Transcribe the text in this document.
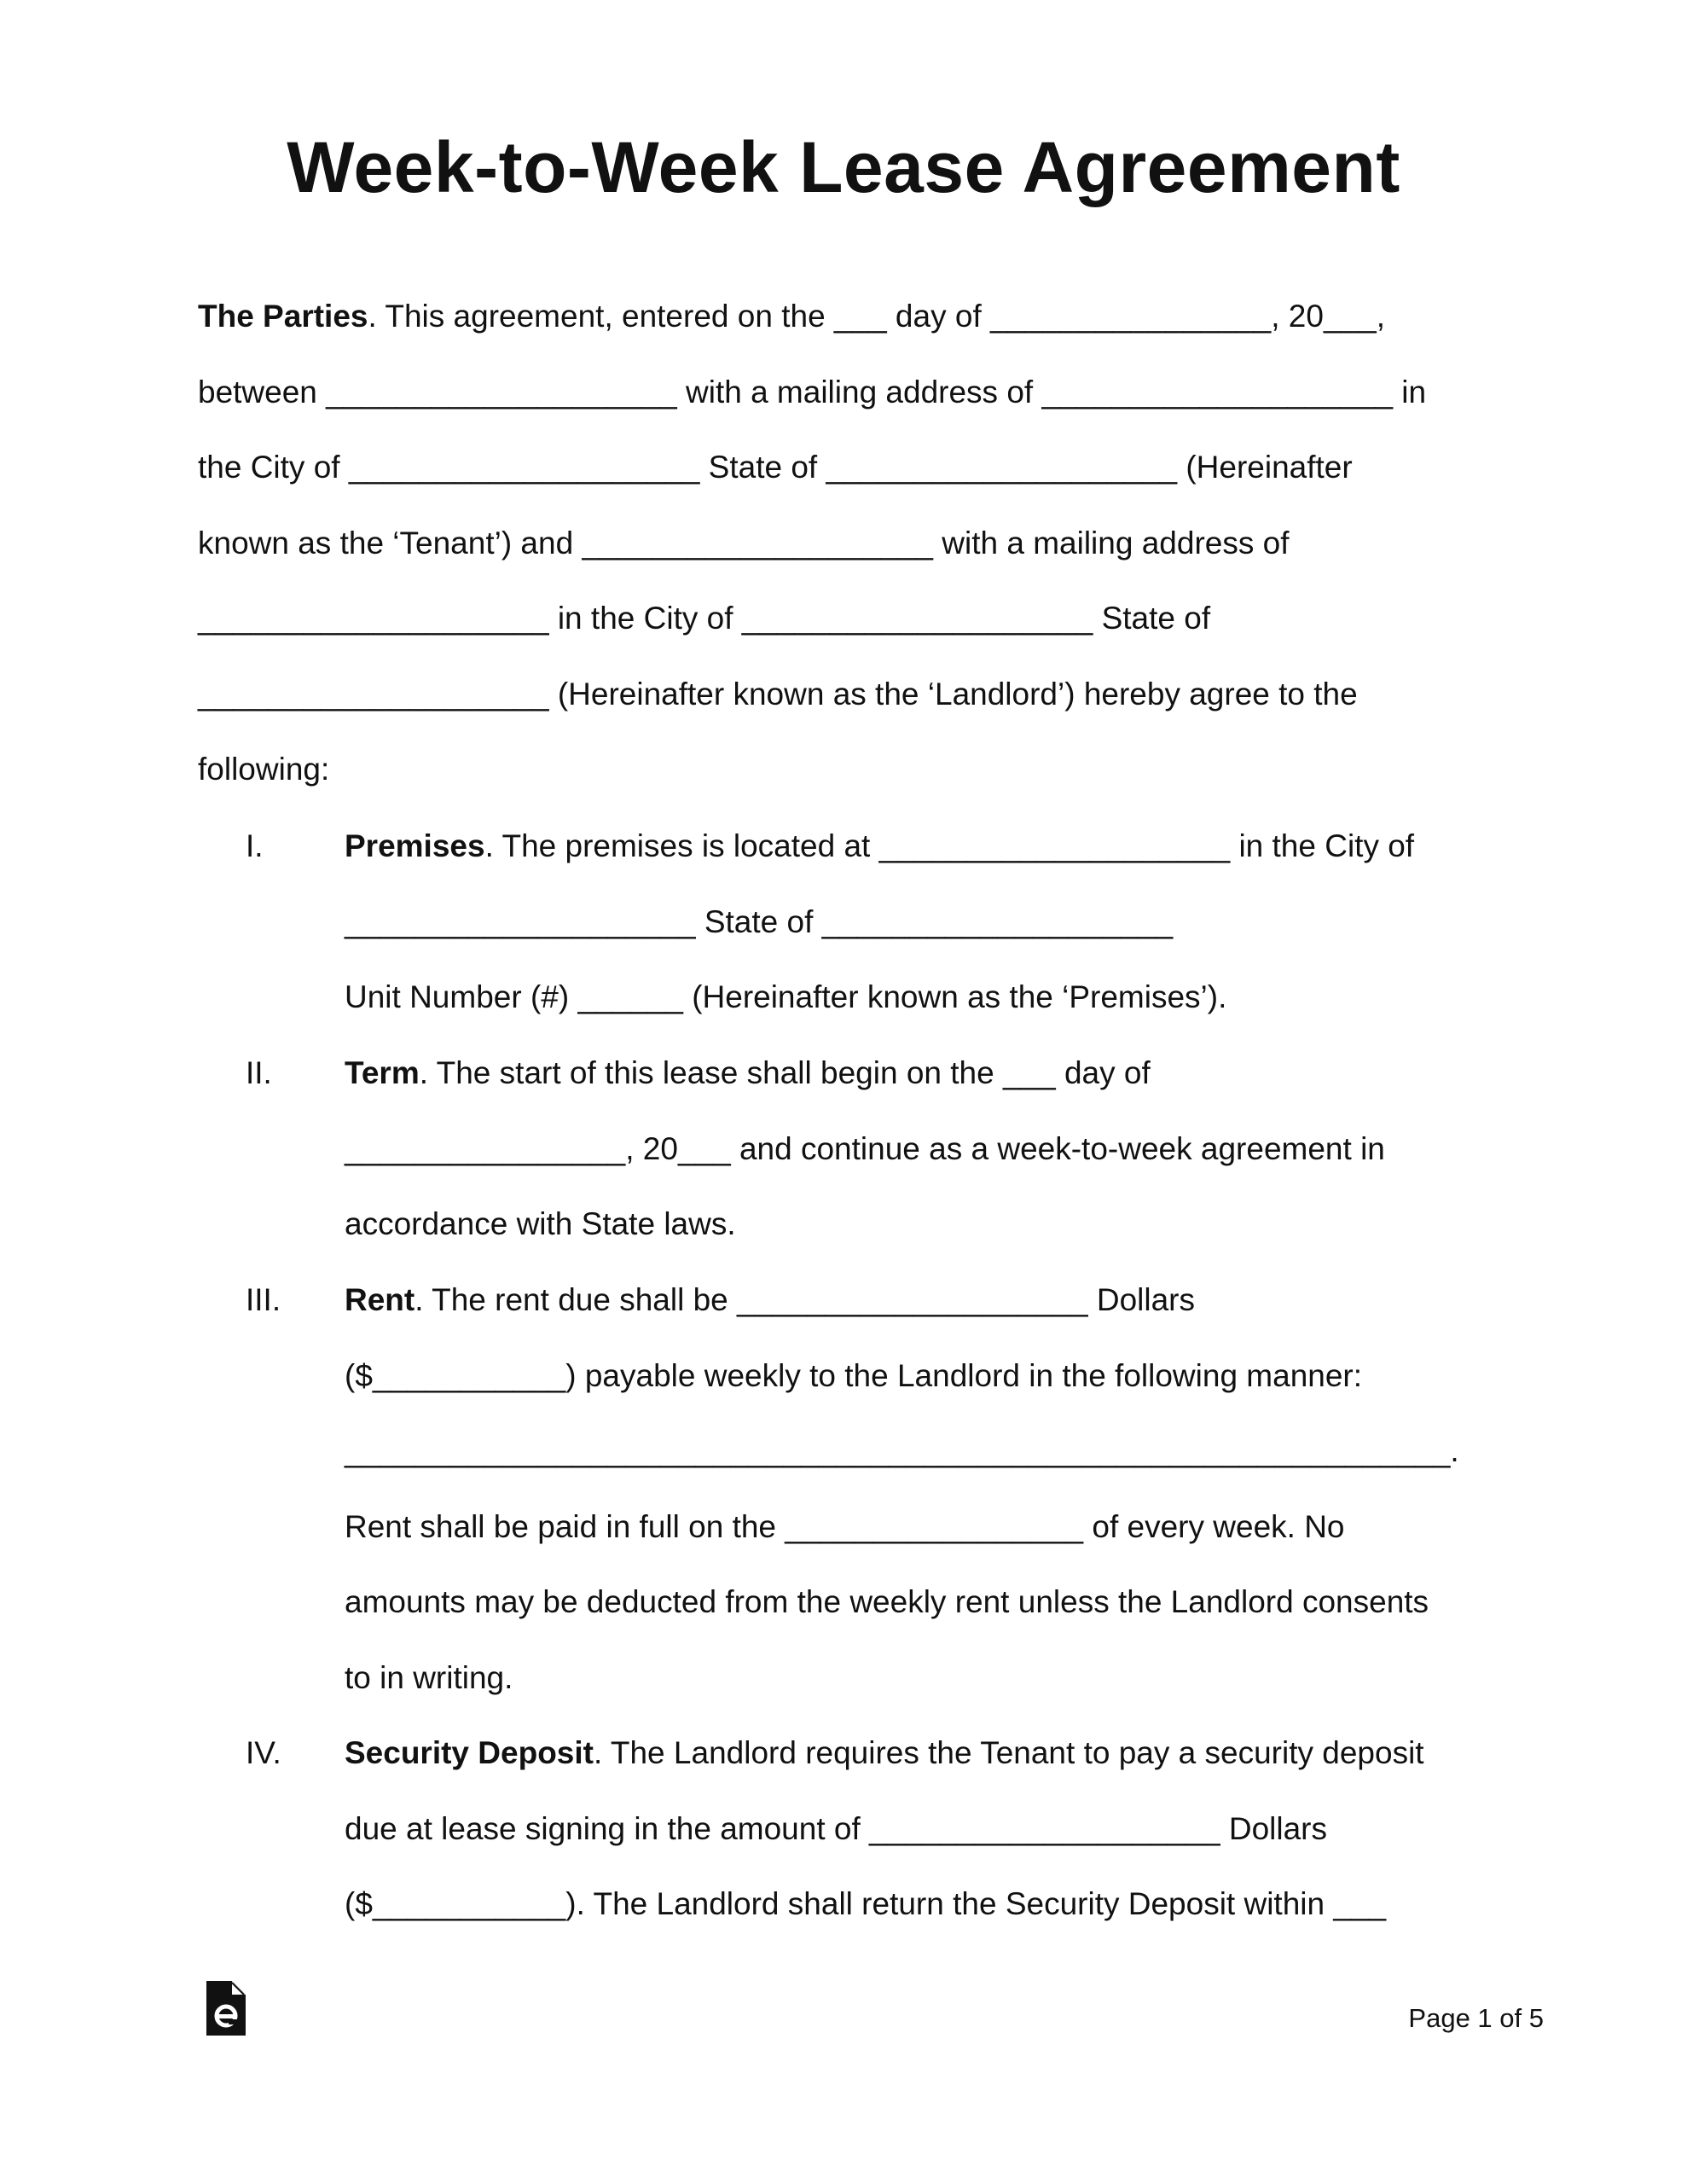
Week-to-Week Lease Agreement
The Parties. This agreement, entered on the ___ day of ________________, 20___,
between ____________________ with a mailing address of ____________________ in
the City of ____________________ State of ____________________ (Hereinafter
known as the ‘Tenant’) and ____________________ with a mailing address of
____________________ in the City of ____________________ State of
____________________ (Hereinafter known as the ‘Landlord’) hereby agree to the
following:
I.	Premises. The premises is located at ____________________ in the City of
____________________ State of ____________________
Unit Number (#) ______ (Hereinafter known as the ‘Premises’).
II. Term. The start of this lease shall begin on the ___ day of
________________, 20___ and continue as a week-to-week agreement in
accordance with State laws.
III. Rent. The rent due shall be ____________________ Dollars
($___________) payable weekly to the Landlord in the following manner:
_______________________________________________________________.
Rent shall be paid in full on the _________________ of every week. No
amounts may be deducted from the weekly rent unless the Landlord consents
to in writing.
IV. Security Deposit. The Landlord requires the Tenant to pay a security deposit
due at lease signing in the amount of ____________________ Dollars
($___________). The Landlord shall return the Security Deposit within ___
Page 1 of 5
